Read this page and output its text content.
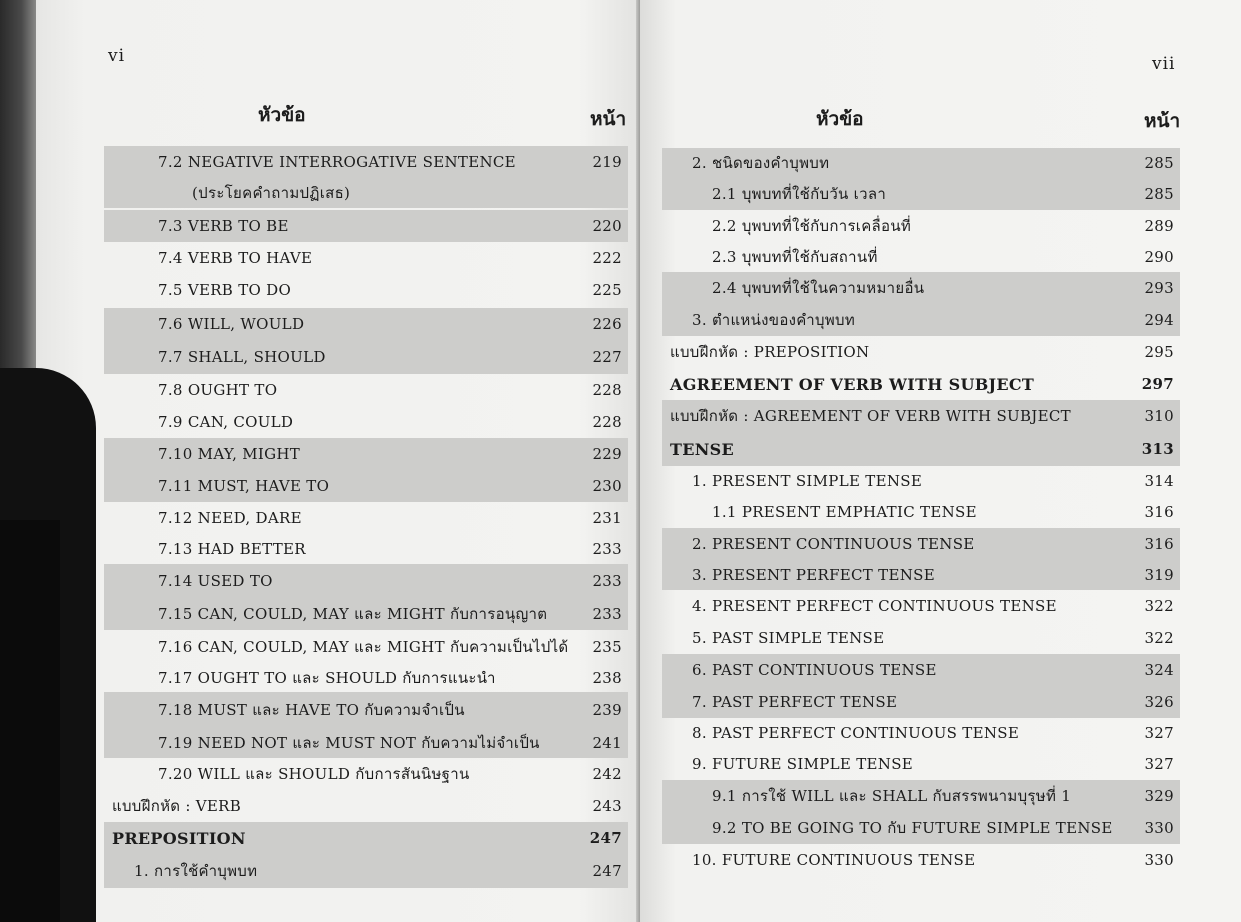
vi
หัวข้อ	หน้า
7.2 NEGATIVE INTERROGATIVE SENTENCE	219
(ประโยคคำถามปฏิเสธ)
7.3 VERB TO BE	220
7.4 VERB TO HAVE	222
7.5 VERB TO DO	225
7.6 WILL, WOULD	226
7.7 SHALL, SHOULD	227
7.8 OUGHT TO	228
7.9 CAN, COULD	228
7.10 MAY, MIGHT	229
7.11 MUST, HAVE TO	230
7.12 NEED, DARE	231
7.13 HAD BETTER	233
7.14 USED TO	233
7.15 CAN, COULD, MAY และ MIGHT กับการอนุญาต	233
7.16 CAN, COULD, MAY และ MIGHT กับความเป็นไปได้ 235
7.17 OUGHT TO และ SHOULD กับการแนะนำ	238
7.18 MUST และ HAVE TO กับความจำเป็น	239
7.19 NEED NOT และ MUST NOT กับความไม่จำเป็น	241
7.20 WILL และ SHOULD กับการสันนิษฐาน	242
แบบฝึกหัด : VERB	243
PREPOSITION	247
1. การใช้คำบุพบท	247
vii
หัวข้อ	หน้า
2. ชนิดของคำบุพบท	285
2.1 บุพบทที่ใช้กับวัน เวลา	285
2.2 บุพบทที่ใช้กับการเคลื่อนที่	289
2.3 บุพบทที่ใช้กับสถานที่	290
2.4 บุพบทที่ใช้ในความหมายอื่น	293
3. ตำแหน่งของคำบุพบท	294
แบบฝึกหัด : PREPOSITION	295
AGREEMENT OF VERB WITH SUBJECT	297
แบบฝึกหัด : AGREEMENT OF VERB WITH SUBJECT	310
TENSE	313
1. PRESENT SIMPLE TENSE	314
1.1 PRESENT EMPHATIC TENSE	316
2. PRESENT CONTINUOUS TENSE	316
3. PRESENT PERFECT TENSE	319
4. PRESENT PERFECT CONTINUOUS TENSE	322
5. PAST SIMPLE TENSE	322
6. PAST CONTINUOUS TENSE	324
7. PAST PERFECT TENSE	326
8. PAST PERFECT CONTINUOUS TENSE	327
9. FUTURE SIMPLE TENSE	327
9.1 การใช้ WILL และ SHALL กับสรรพนามบุรุษที่ 1	329
9.2 TO BE GOING TO กับ FUTURE SIMPLE TENSE 330
10. FUTURE CONTINUOUS TENSE	330
